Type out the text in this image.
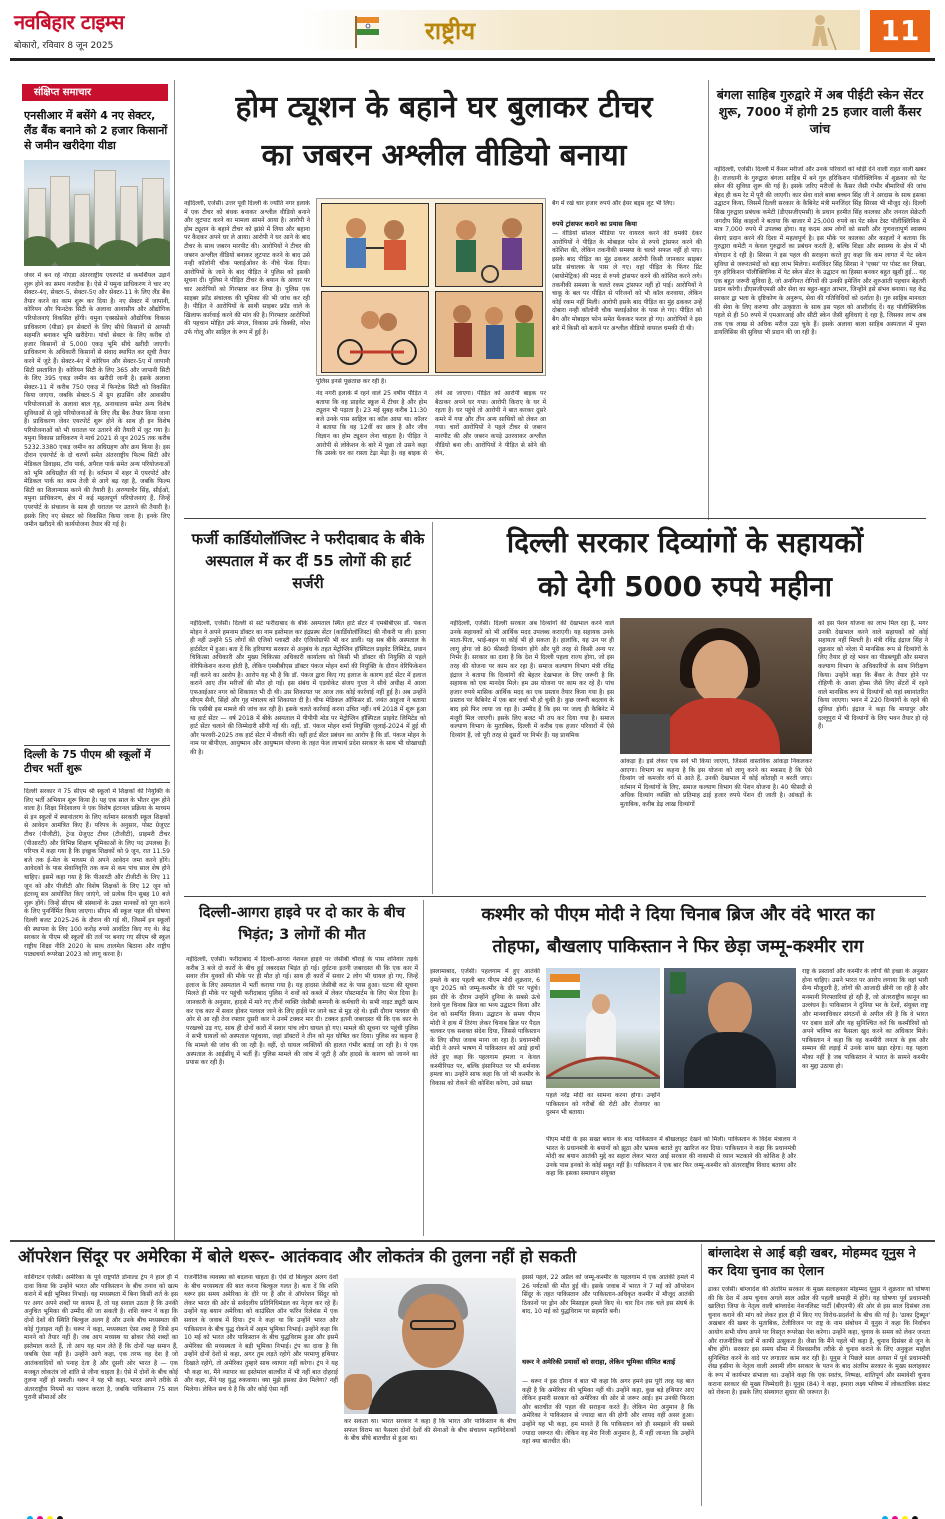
नवबिहार टाइम्स
बोकारो, रविवार 8 जून 2025
राष्ट्रीय	11
संक्षिप्त समाचार
एनसीआर में बसेंगे 4 नए सेक्टर, लैंड बैंक बनाने को 2 हजार किसानों से जमीन खरीदेगा यीडा
जेवर में बन रहे नोएडा अंतरराष्ट्रीय एयरपोर्ट से कमर्शियल उड़ानें शुरू होने का समय नजदीक है। ऐसे में यमुना प्राधिकरण ने चार नए सेक्टर-4ए, सेक्टर-5, सेक्टर-5ए और सेक्टर-11 के लिए लैंड बैंक तैयार करने का काम शुरू कर दिया है। नए सेक्टर में जापानी, कोरियन और फिनटेक सिटी के अलावा आवासीय और औद्योगिक परियोजनाएं विकसित होंगी। यमुना एक्सप्रेसवे औद्योगिक विकास प्राधिकरण (यीडा) इन सेक्टरों के लिए सीधे किसानों से आपसी सहमति बनाकर भूमि खरीदेगा। पांचों सेक्टर के लिए करीब दो हजार किसानों से 5,000 एकड़ भूमि सीधे खरीदी जाएगी। प्राधिकरण के अधिकारी किसानों से संवाद स्थापित कर सूची तैयार करने में जुटे हैं। सेक्टर-4ए में कोरियन और सेक्टर-5ए में जापानी सिटी प्रस्तावित है। कोरियन सिटी के लिए 365 और जापानी सिटी के लिए 395 एकड़ जमीन का खरीदी जानी है। इसके अलावा सेक्टर-11 में करीब 750 एकड़ में फिनटेक सिटी को विकसित किया जाएगा, जबकि सेक्टर-5 में ग्रुप हाउसिंग और आवासीय परियोजनाओं के अलावा बाल गृह, अनाथालय समेत अन्य विशेष सुविधाओं से जुड़े परियोजनाओं के लिए लैंड बैंक तैयार किया जाना है। प्राधिकरण जेवर एयरपोर्ट शुरू होने के साथ ही इन विशेष परियोजनाओं को भी धरातल पर उतारने की तैयारी में जुट गया है। यमुना विकास प्राधिकरण ने मार्च 2021 से जून 2025 तक करीब 5232.3380 एकड़ जमीन का अधिग्रहण और क्रय किया है। इस दौरान एयरपोर्ट के दो चरणों समेत अंतरराष्ट्रीय फिल्म सिटी और मेडिकल डिवाइस, टॉय पार्क, अपैरल पार्क समेत अन्य परियोजनाओं को भूमि अधिग्रहीत की गई है। वर्तमान में शहर में एयरपोर्ट और मेडिकल पार्क का काम तेजी से आगे बढ़ रहा है, जबकि फिल्म सिटी का शिलान्यास करने की तैयारी है। अरण्याचैर सिंह, सीईओ, यमुना प्राधिकरण, क्षेत्र में कई महत्वपूर्ण परियोजनाएं हैं, जिन्हें एयरपोर्ट के संचालन के साथ ही धरातल पर उतारने की तैयारी है। इसके लिए नए सेक्टर को विकसित किया जाना है। इनके लिए जमीन खरीदने की कार्ययोजना तैयार की गई है।
दिल्ली के 75 पीएम श्री स्कूलों में टीचर भर्ती शुरू
दिल्ली सरकार ने 75 सीएम श्री स्कूलों में शिक्षकों की नियुक्ति के लिए भर्ती अभियान शुरू किया है। यह एक साल के भीतर शुरू होने वाला है। शिक्षा निदेशालय ने एक विशेष इंटरनल प्रक्रिया के माध्यम से इन स्कूलों में स्थानांतरण के लिए वर्तमान सरकारी स्कूल शिक्षकों से आवेदन आमंत्रित किए हैं। परिपत्र के अनुसार, पोस्ट ग्रेजुएट टीचर (पीजीटी), ट्रेन्ड ग्रेजुएट टीचर (टीजीटी), प्राइमरी टीचर (पीआरटी) और विभिन्न शिक्षण भूमिकाओं के लिए पद उपलब्ध हैं। परिपत्र में कहा गया है कि इच्छुक शिक्षकों को 9 जून, रात 11.59 बजे तक ई-मेल के माध्यम से अपने आवेदन जमा करने होंगे। आवेदकों के पास सेवानिवृत्ति तक कम से कम पांच साल शेष होने चाहिए। इसमें कहा गया है कि पीआरटी और टीजीटी के लिए 11 जून को और पीजीटी और विशेष शिक्षकों के लिए 12 जून को इंटरव्यू सत्र आयोजित किए जाएंगे, जो प्रत्येक दिन सुबह 10 बजे शुरू होंगे। जिन्हें सीएम श्री संस्थानों के उन्नत मानकों को पूरा करने के लिए पुनर्निर्मित किया जाएगा। सीएम श्री स्कूल पहल की घोषणा दिल्ली बजट 2025-26 के दौरान की गई थी, जिसमें इन स्कूलों की स्थापना के लिए 100 करोड़ रुपये आवंटित किए गए थे। केंद्र सरकार के पीएम श्री स्कूलों की तर्ज पर बनाए गए सीएम श्री स्कूल राष्ट्रीय शिक्षा नीति 2020 के साथ तालमेल बिठाना और राष्ट्रीय पाठ्यचर्या रूपरेखा 2023 को लागू करना है।
होम ट्यूशन के बहाने घर बुलाकर टीचर
का जबरन अश्लील वीडियो बनाया
नईदिल्ली, एजेंसी। उत्तर पूर्वी दिल्ली के ज्योति नगर इलाके में एक टीचर को बंधक बनाकर अश्लील वीडियो बनाने और लूटपाट करने का मामला सामने आया है। आरोपी ने होम ट्यूशन के बहाने टीचर को झांसे में लिया और बहाना पर कैदकर अपने घर ले आया। आरोपी ने घर आने के बाद टीचर के साथ जबरन मारपीट की। आरोपियों ने टीचर की जबरन अश्लील वीडियो बनाकर लूटपाट करने के बाद उसे नन्ही कॉलोनी चौक फ्लाईओवर के नीचे फेंक दिया। आरोपियों के जाने के बाद पीड़ित ने पुलिस को इसकी सूचना दी। पुलिस ने पीड़ित टीचर के बयान के आधार पर चार आरोपियों को गिरफ्तार कर लिया है। पुलिस एक साइबर फ्रॉड संचालक की भूमिका की भी जांच कर रही है। पीड़ित ने आरोपियों के साथी साइबर फ्रॉड वाले के खिलाफ कार्रवाई करने की मांग की है। गिरफ्तार आरोपियों की पहचान मोहित उर्फ मंगल, विकास उर्फ विक्की, नरेश उर्फ गोलू और साहिल के रूप में हुई है।
पुलिस इनसे पूछताछ कर रही है।
नंद नगरी इलाके में रहने वाले 25 वर्षीय पीड़ित ने बताया कि वह प्राइवेट स्कूल में टीचर है और होम ट्यूशन भी पढ़ाता है। 23 मई सुबह करीब 11:30 बजे उनके पास साहिल का कॉल आया था। कॉलर ने बताया कि वह 12वीं का छात्र है और जीव विज्ञान का होम ट्यूशन लेना चाहता है। पीड़ित ने आरोपी से लोकेशन के बारे में पूछा तो उसने कहा कि उसके घर का रास्ता टेढ़ा मेढ़ा है। वह बाइक से लेने आ जाएगा। पीड़ित को आरोपी बाइक पर बैठाकर अपने घर गया। आरोपी किराए के घर में रहता है। घर पहुंचे तो आरोपी ने बात करकर दूसरे कमरे में गया और तीन अन्य साथियों को लेकर आ गया। चारों आरोपियों ने पहले टीचर से जबरन मारपीट की और जबरन कपड़े उतरवाकर अश्लील वीडियो बना ली। आरोपियों ने पीड़ित से सोने की चेन,
बैग में रखे चार हजार रुपये और ईयर बड्स लूट भी लिए।
रुपये ट्रांसफर कराने का प्रयास किया
— वीडियो सोशल मीडिया पर वायरल करने की धमकी देकर आरोपियों ने पीड़ित के मोबाइल फोन से रुपये ट्रांसफर करने की कोशिश की, लेकिन तकनीकी समस्या के चलते सफल नहीं हो पाए। इसके बाद पीड़ित का मुंह ढककर आरोपी किसी जानकार साइबर फ्रॉड संचालक के पास ले गए। वहां पीड़ित के फिंगर प्रिंट (बायोमेट्रिक) की मदद से रुपये ट्रांसफर करने की कोशिश करने लगे। तकनीकी समस्या के चलते रकम ट्रांसफर नहीं हो पाई। आरोपियों ने चाकू के बल पर पीड़ित से परिजनों को भी कॉल करवाया, लेकिन कोई रकम नहीं मिली। आरोपी इसके बाद पीड़ित का मुंह ढककर उन्हें दोबारा नन्ही कॉलोनी चौक फ्लाईओवर के पास ले गए। पीड़ित को बैग और मोबाइल फोन समेत फेंककर फरार हो गए। आरोपियों ने इस बारे में किसी को बताने पर अश्लील वीडियो वायरल धमकी दी थी।
बंगला साहिब गुरुद्वारे में अब पीईटी स्केन सेंटर शुरू, 7000 में होगी 25 हजार वाली कैंसर जांच
नईदिल्ली, एजेंसी। दिल्ली में कैंसर मरीजों और उनके परिवारों को थोड़ी देने वाली राहत वाली खबर है। राजधानी के गुरुद्वारा बंगला साहिब में बने गुरु हरिकिशन पॉलीक्लिनिक में शुक्रवार को पेट स्केन की सुविधा शुरू की गई है। इसके जरिए मरीजों के कैंसर जैसी गंभीर बीमारियों की जांच बेहद ही कम रेट में पूरी की जाएगी। कार सेवा वाले बाबा बच्चन सिंह जी ने अरदास के साथ इसका उद्घाटन किया, जिसमें दिल्ली सरकार के कैबिनेट मंत्री मनजिंदर सिंह सिरसा भी मौजूद रहे। दिल्ली सिख गुरुद्वारा प्रबंधक कमेटी (डीएसजीएमसी) के प्रधान हरमीत सिंह कालका और जनरल सेक्रेटरी जगदीप सिंह काहलों ने बताया कि बाजार में 25,000 रुपये का पेट स्केन टेस्ट पॉलीक्लिनिक में मात्र 7,000 रुपये में उपलब्ध होगा। यह कदम आम लोगों को सस्ती और गुणवत्तापूर्ण स्वास्थ्य सेवाएं प्रदान करने की दिशा में महत्वपूर्ण है। इस मौके पर कालका और काहलों ने बताया कि गुरुद्वारा कमेटी न केवल गुरुद्वारों का प्रबंधन करती है, बल्कि शिक्षा और स्वास्थ्य के क्षेत्र में भी योगदान दे रही है। सिरसा ने इस पहल की सराहना करते हुए कहा कि कम लागत में पेट स्केन सुविधा से जरूरतमंदों को बड़ा लाभ मिलेगा। मनजिंदर सिंह सिरसा ने 'एक्स' पर पोस्ट कर लिखा, गुरु हरिकिशन पॉलीक्लिनिक में पेट स्केन सेंटर के उद्घाटन का हिस्सा बनकर बहुत खुशी हुई... यह एक बहुत जरूरी सुविधा है, जो अनगिनत रोगियों की उनकी इमेजिंग और शुरुआती पहचान बेहतरी प्रदान करेगी। डीएसजीएमसी और सेवा का बहुत-बहुत आभार, जिन्होंने इसे संभव बनाया। यह केंद्र सरकार द्वा भला के दृष्टिकोण के अनुरूप, सेवा की गतिविधियों को दर्शाता है। गुरु साहिब मानवता की सेवा के लिए करुणा और उत्कृष्टता के साथ इस पहल को आशीर्वाद दें। यह पॉलीक्लिनिक पहले से ही 50 रुपये में एमआरआई और सीटी स्केन जैसी सुविधाएं दे रहा है, जिसका लाभ अब तक एक लाख से अधिक मरीज उठा चुके हैं। इसके अलावा बाला साहिब अस्पताल में मुफ्त डायलिसिस की सुविधा भी प्रदान की जा रही है।
फर्जी कार्डियोलॉजिस्ट ने फरीदाबाद के बीके अस्पताल में कर दीं 55 लोगों की हार्ट सर्जरी
नईदिल्ली, एजेंसी। दिल्ली से सटे फरीदाबाद के बीके अस्पताल स्थित हार्ट सेंटर में एमबीबीएस डॉ. पंकज मोहन ने अपने हमनाम डॉक्टर का नाम इस्तेमाल कर इंद्रप्रस्थ सेंटर (कार्डियोलॉजिस्ट) की नौकरी पा ली। इतना ही नहीं उन्होंने 55 लोगों की एंजियो प्लास्टी और एंजियोग्राफी भी कर डाली। यह सब बीके अस्पताल के हार्टसेंटर में हुआ। बता दें कि हरियाणा सरकार से अनुबंध के तहत मेट्रोप्लिन हॉस्पिटल प्राइवेट लिमिटेड, प्रधान चिकित्सा अधिकारी और मुख्य चिकित्सा अधिकारी कार्यालय को किसी भी डॉक्टर की नियुक्ति से पहले वेरिफिकेशन करना होती है, लेकिन एमबीबीएस डॉक्टर पंकज मोहन शर्मा की नियुक्ति के दौरान वेरिफिकेशन नहीं करने का आरोप है। आरोप यह भी है कि डॉ. पंकज द्वारा किए गए इलाज के कारण हार्ट सेंटर में इलाज कराने आए तीन मरीजों की मौत हो गई। इस संबंध में एडवोकेट संजय गुप्ता ने सीधे अधीक्ष में आला एफआईआर नगर को शिकायत भी दी थी। उस शिकायत पर आज तक कोई कार्रवाई नहीं हुई है। अब उन्होंने सीएम सैनी, सिंहो और गृह मंत्रालय को शिकायत दी है। चीफ मेडिकल ऑफिसर डॉ. जयंत आहूजा ने बताया कि एसीबी इस मामले की जांच कर रही है। इसके चलते कार्रवाई करना उचित नहीं। वर्ष 2018 में शुरू हुआ था हार्ट सेंटर — वर्ष 2018 में बीके अस्पताल में पीपीपी मोड पर मेट्रोप्लिन हॉस्पिटल प्राइवेट लिमिटेड को हार्ट सेंटर चलाने की जिम्मेदारी सौंपी गई थी। वहीं, डॉ. पंकज मोहन शर्मा नियुक्ति जुलाई-2024 में हुई थी और फरवरी-2025 तक हार्ट सेंटर में नौकरी की। वहीं हार्ट सेंटर प्रबंधन का आरोप है कि डॉ. पंकज मोहन के नाम पर बीपीएल, आयुष्मान और आयुष्मान योजना के तहत फेल लाभार्थ प्रदेश सरकार के साथ भी धोखाधड़ी की है।
दिल्ली सरकार दिव्यांगों के सहायकों
को देगी 5000 रुपये महीना
नईदिल्ली, एजेंसी। दिल्ली सरकार अब दिव्यांगों की देखभाल करने वाले उनके सहायकों को भी आर्थिक मदद उपलब्ध कराएगी। यह सहायक उनके माता-पिता, भाई-बहन या कोई भी हो सकता है। हालांकि, यह उन पर ही लागू होगा जो 80 फीसदी दिव्यांग होंगे और पूरी तरह से किसी अन्य पर निर्भर हैं। सरकार का दावा है कि देश में दिल्ली पहला राज्य होगा, जो इस तरह की योजना पर काम कर रहा है। समाज कल्याण विभाग मंत्री रविंद्र इंद्राज ने बताया कि दिव्यांगों की बेहतर देखभाल के लिए जरूरी है कि सहायक को एक मानदेय मिले। हम उस योजना पर काम कर रहे हैं। पांच हजार रुपये मासिक आर्थिक मदद का एक प्रस्ताव तैयार किया गया है। इस प्रस्ताव पर कैबिनेट में एक बार चर्चा भी हो चुकी है। कुछ जरूरी बदलाव के बाद इसे फिर लाया जा रहा है। उम्मीद है कि इस पर जल्द ही कैबिनेट में मंजूरी मिल जाएगी। इसके लिए बजट भी तय कर दिया गया है। समाज कल्याण विभाग के मुताबिक, दिल्ली में करीब एक हजार परिवारों में ऐसे दिव्यांग हैं, जो पूरी तरह से दूसरों पर निर्भर हैं। यह प्राथमिक
आंकड़ा है। इसे लेकर एक सर्वे भी किया जाएगा, जिससे वास्तविक आंकड़ा निकलकर आएगा। विभाग का कहना है कि इस योजना को लागू करने का मकसद है कि ऐसे दिव्यांग जो कमजोर वर्ग से आते हैं, उनकी देखभाल में कोई कोताही न बरती जाए। वर्तमान में दिव्यांगों के लिए, समाज कल्याण विभाग की पेंशन योजना है। 40 फीसदी से अधिक दिव्यांग व्यक्ति को प्रतिमाह ढाई हजार रुपये पेंशन दी जाती है। आंकड़ों के मुताबिक, करीब डेढ़ लाख दिव्यांगों
को इस पेंशन योजना का लाभ मिल रहा है, मगर उनकी देखभाल करने वाले सहायकों को कोई सहायता नहीं मिलती है। मंत्री रविंद्र इंद्राज सिंह ने शुक्रवार को नरेला में मानसिक रूप से दिव्यांगों के लिए तैयार हो रहे भवन का पीडब्ल्यूडी और समाज कल्याण विभाग के अधिकारियों के साथ निरीक्षण किया। उन्होंने कहा कि बैंकर के तैयार होने पर रोहिणी के आशा होम्स जैसे लिए सेंटरों में रहने वाले मानसिक रूप से दिव्यांगों को यहां स्थानांतरित किया जाएगा। भवन में 220 दिव्यांगों के रहने की सुविधा होगी। इंद्राज ने कहा कि मायापुर और दल्लूपुरा में भी दिव्यांगों के लिए भवन तैयार हो रहे हैं।
दिल्ली-आगरा हाइवे पर दो कार के बीच भिड़ंत; 3 लोगों की मौत
नईदिल्ली, एजेंसी। फरीदाबाद में दिल्ली-आगरा नेशनल हाइवे पर जेसीबी चौराहे के पास शनिवार तड़के करीब 3 बजे दो कारों के बीच हुई जबरदस्त भिड़ंत हो गई। दुर्घटना इतनी जबरदस्त थी कि एक कार में सवार तीन युवकों की मौके पर ही मौत हो गई। साथ ही कारों में सवार 2 लोग भी घायल हो गए, जिन्हें इलाज के लिए अस्पताल में भर्ती कराया गया है। यह हादसा जेसीबी कट के पास हुआ। घटना की सूचना मिलते ही मौके पर पहुंची फरीदाबाद पुलिस ने शवों को कब्जे में लेकर पोस्टमार्टम के लिए भेज दिया है। जानकारी के अनुसार, हादसे में मारे गए तीनों व्यक्ति जेसीबी कम्पनी के कर्मचारी थे। सभी नाइट ड्यूटी खत्म कर एक कार में सवार होकर पलवल जाने के लिए हाईवे पर जाने कट से मुड़ रहे थे। इसी दौरान पलवल की ओर से आ रही तेज रफ्तार दूसरी कार ने उनमें टक्कर मार दी। टक्कर इतनी जबरदस्त थी कि एक कार के परखच्चे उड़ गए, साथ ही दोनों कारों में सवार पांच लोग घायल हो गए। मामले की सूचना पर पहुंची पुलिस ने सभी घायलों को अस्पताल पहुंचाया, जहां डॉक्टरों ने तीन को मृत घोषित कर दिया। पुलिस का कहना है कि मामले की जांच की जा रही है। वहीं, दो घायल व्यक्तियों की हालत गंभीर बताई जा रही है। ये एक अस्पताल के आईसीयू में भर्ती हैं। पुलिस मामले की जांच में जुटी है और हादसे के कारण को जानने का प्रयास कर रही है।
कश्मीर को पीएम मोदी ने दिया चिनाब ब्रिज और वंदे भारत का
तोहफा, बौखलाए पाकिस्तान ने फिर छेड़ा जम्मू-कश्मीर राग
इस्लामाबाद, एजेंसी। पहलगाम में हुए आतंकी हमले के बाद पहली बार पीएम मोदी शुक्रवार, 6 जून 2025 को जम्मू-कश्मीर के दौरे पर पहुंचे। इस दौरे के दौरान उन्होंने दुनिया के सबसे ऊंचे रेलवे पुल चिनाब ब्रिज का भव्य उद्घाटन किया और देश को समर्पित किया। उद्घाटन के समय पीएम मोदी ने हाथ में तिरंगा लेकर चिनाब ब्रिज पर पैदल चलकर एक सशक्त संदेश दिया, जिससे पाकिस्तान के लिए सीधा जवाब माना जा रहा है। प्रधानमंत्री मोदी ने अपने भाषण में पाकिस्तान को आड़े हाथों लेते हुए कहा कि पहलगाम हमला न केवल कश्मीरियत पर, बल्कि इंसानियत पर भी शर्मनाक हमला था। उन्होंने साफ कहा कि जो भी कश्मीर के विकास को रोकने की कोशिश करेगा, उसे सख्त
पहले नरेंद्र मोदी का सामना करना होगा। उन्होंने पाकिस्तान को गरीबों की रोटी और रोजगार का दुश्मन भी बताया।
पीएम मोदी के इस सख्त बयान के बाद पाकिस्तान में बौखलाहट देखने को मिली। पाकिस्तान के विदेश मंत्रालय ने भारत के प्रधानमंत्री के बयानों को झूठा और भ्रामक बताते हुए खारिज कर दिया। पाकिस्तान ने कहा कि प्रधानमंत्री मोदी का बयान आतंकी मुद्दे का सहारा लेकर भारत आई सरकार की नाकामी से ध्यान भटकाने की कोशिश है और उनके पास इनको के कोई सबूत नहीं है। पाकिस्तान ने एक बार फिर जम्मू-कश्मीर को अंतरराष्ट्रीय विवाद बताया और कहा कि इसका समाधान संयुक्त
राष्ट्र के प्रस्तावों और कश्मीर के लोगों की इच्छा के अनुसार होना चाहिए। उसने भारत पर आरोप लगाया कि वहां भारी सैन्य मौजूदगी है, लोगों की आजादी छीनी जा रही है और मनमानी गिरफ्तारियां हो रही हैं, जो अंतरराष्ट्रीय कानून का उल्लंघन है। पाकिस्तान ने दुनिया भर के देशों, संयुक्त राष्ट्र और मानवाधिकार संगठनों से अपील की है कि वे भारत पर दबाव डालें और यह सुनिश्चित करें कि कश्मीरियों को अपने भविष्य का फैसला खुद करने का अधिकार मिले। पाकिस्तान ने कहा कि वह कश्मीरी जनता के हक और सम्मान की लड़ाई में उनके साथ खड़ा रहेगा। यह पहला मौका नहीं है जब पाकिस्तान ने भारत के सामने कश्मीर का मुद्दा उठाया हो।
ऑपरेशन सिंदूर पर अमेरिका में बोले थरूर- आतंकवाद और लोकतंत्र की तुलना नहीं हो सकती
वाशिंगटन एजेंसी। अमेरिका के पूर्व राष्ट्रपति डोनाल्ड ट्रंप ने हाल ही में दावा किया कि उन्होंने भारत और पाकिस्तान के बीच तनाव को खत्म कराने में बड़ी भूमिका निभाई। वह मध्यस्थता में बिना किसी शर्त के इस पर अगर अपने शब्दों पर कायम हैं, तो यह सवाल उठता है कि उनकी अनुचित भूमिका की उम्मीद की जा सकती है। शशि थरूर ने कहा कि दोनों देशों की स्थिति बिल्कुल अलग है और उनके बीच मध्यस्थता की कोई गुंजाइश नहीं है। थरूर ने कहा, मध्यस्थता ऐसा शब्द है जिसे हम मानने को तैयार नहीं हैं। जब आप मध्यस्थ या ब्रोकर जैसे शब्दों का इस्तेमाल करते हैं, तो आप यह मान लेते हैं कि दोनों पक्ष समान हैं, जबकि ऐसा नहीं है। उन्होंने आगे कहा, एक तरफ वह देश है जो आतंकवादियों को पनाह देता है और दूसरी ओर भारत है — एक मजबूत लोकतंत्र जो शांति से जीना चाहता है। ऐसे में दोनों के बीच कोई तुलना नहीं हो सकती। थरूर ने यह भी कहा, भारत अपने तरीके से अंतरराष्ट्रीय नियमों का पालन करता है, जबकि पाकिस्तान 75 साल पुरानी सीमाओं और
राजनीतिक व्यवस्था को बदलना चाहता है। ऐसे दो बिल्कुल अलग देशों के बीच मध्यस्थता की बात करना बिल्कुल गलत है। बता दें कि शशि थरूर इस समय अमेरिका के दौरे पर हैं और वे ऑपरेशन सिंदूर को लेकर भारत की ओर से सर्वदलीय प्रतिनिधिमंडल का नेतृत्व कर रहे हैं। उन्होंने यह बयान अमेरिका को काउंसिल ऑन फॉरेन रिलेशंस में एक सवाल के जवाब में दिया। ट्रंप ने कहा था कि उन्होंने भारत और पाकिस्तान के बीच युद्ध रोकने में अहम भूमिका निभाई। उन्होंने कहा कि 10 मई को भारत और पाकिस्तान के बीच युद्धविराम हुआ और इसमें अमेरिका की मध्यस्थता ने बड़ी भूमिका निभाई। ट्रंप का दावा है कि उन्होंने दोनों देशों से कहा, अगर तुम लड़ते रहोगे और परमाणु हथियार दिखाते रहोगे, तो अमेरिका तुम्हारे साथ व्यापार नहीं करेगा। ट्रंप ने यह भी कहा था, मैंने व्यापार का इस्तेमाल बातचीत में भी नहीं बात दोहराई और कहा, मैंने यह युद्ध रुकवाया। क्या मुझे इसका क्रेय मिलेगा? नहीं मिलेगा। लेकिन सच ये है कि और कोई ऐसा नहीं
कर सकता था। भारत सरकार ने कहा है कि भारत और पाकिस्तान के बीच सफल विराम का फैसला दोनों देशों की सेनाओं के बीच संचालन महानिदेशकों के बीच सीधे बातचीत से हुआ था।
इससे पहले, 22 अप्रैल को जम्मू-कश्मीर के पहलगाम में एक आतंकी हमले में 26 पर्यटकों की मौत हुई थी। इसके जवाब में भारत ने 7 मई को ऑपरेशन सिंदूर के तहत पाकिस्तान और पाकिस्तान-अधिकृत कश्मीर में मौजूद आतंकी ठिकानों पर ड्रोन और मिसाइल हमले किए थे। चार दिन तक चले इस संघर्ष के बाद, 10 मई को युद्धविराम पर सहमति बनी।
थरूर ने अमेरिकी प्रयासों को सराहा, लेकिन भूमिका सीमित बताई
— थरूर ने इस दौरान ये बात भी कहा कि अगर हमने इस पूरी तरह यह बात कही है कि अमेरिका की भूमिका नहीं थी। उन्होंने कहा, कुछ बड़े हथियार आए लेकिन हमारी सरकार को अमेरिका की ओर से जरूर आई। हम उनकी फिरता और बातचीत की पहल की सराहना करते हैं। लेकिन मेरा अनुमान है कि अमेरिका ने पाकिस्तान से ज्यादा बात की होगी और शायद वहीं असर हुआ। उन्होंने यह भी कहा, हम मानते हैं कि पाकिस्तान को ही समझाने की सबसे ज्यादा जरूरत थी। लेकिन यह मेरा निजी अनुमान है, मैं नहीं जानता कि उन्होंने वहां क्या बातचीत की।
बांग्लादेश से आई बड़ी खबर, मोहम्मद यूनुस ने कर दिया चुनाव का ऐलान
ढाका एजेंसी। बांग्लादेश की अंतरिम सरकार के मुख्य सलाहकार मोहम्मद यूनुस ने शुक्रवार को घोषणा की कि देश में आम चुनाव अगले साल अप्रैल की पहली छमाही में होंगे। यह घोषणा पूर्व प्रधानमंत्री खालिदा जिया के नेतृत्व वाली बांग्लादेश नेशनलिस्ट पार्टी (बीएनपी) की ओर से इस साल दिसंबर तक चुनाव कराने की मांग को लेकर हाल ही में किए गए विरोध-प्रदर्शनों के बीच की गई है। 'ढाका ट्रिब्यून' अखबार की खबर के मुताबिक, टेलीविजन पर राष्ट्र के नाम संबोधन में यूनुस ने कहा कि निर्वाचन आयोग सभी योग्य अपने पर विस्तृत रूपरेखा पेश करेगा। उन्होंने कहा, चुनाव के समय को लेकर जनता और राजनीतिक दलों में काफी उत्सुकता है। जैसा कि मैंने पहले भी कहा है, चुनाव दिसंबर से जून के बीच होंगे। सरकार इस समय सीमा में विश्वसनीय तरीके से चुनाव कराने के लिए अनुकूल माहौल सुनिश्चित करने के वादे पर लगातार काम कर रही है। यूनुस ने पिछले साल अगस्त में पूर्व प्रधानमंत्री शेख हसीना के नेतृत्व वाली अवामी लीग सरकार के पतन के बाद अंतरिम सरकार के मुख्य सलाहकार के रूप में कार्यभार संभाला था। उन्होंने कहा कि एक स्वतंत्र, निष्पक्ष, शांतिपूर्ण और समावेशी चुनाव कराना सरकार की मुख्य जिम्मेदारी है। यूनुस (84) ने कहा, हमारा लक्ष्य भविष्य में लोकतांत्रिक संकट को रोकना है। इसके लिए संस्थागत सुधार की जरूरत है।
